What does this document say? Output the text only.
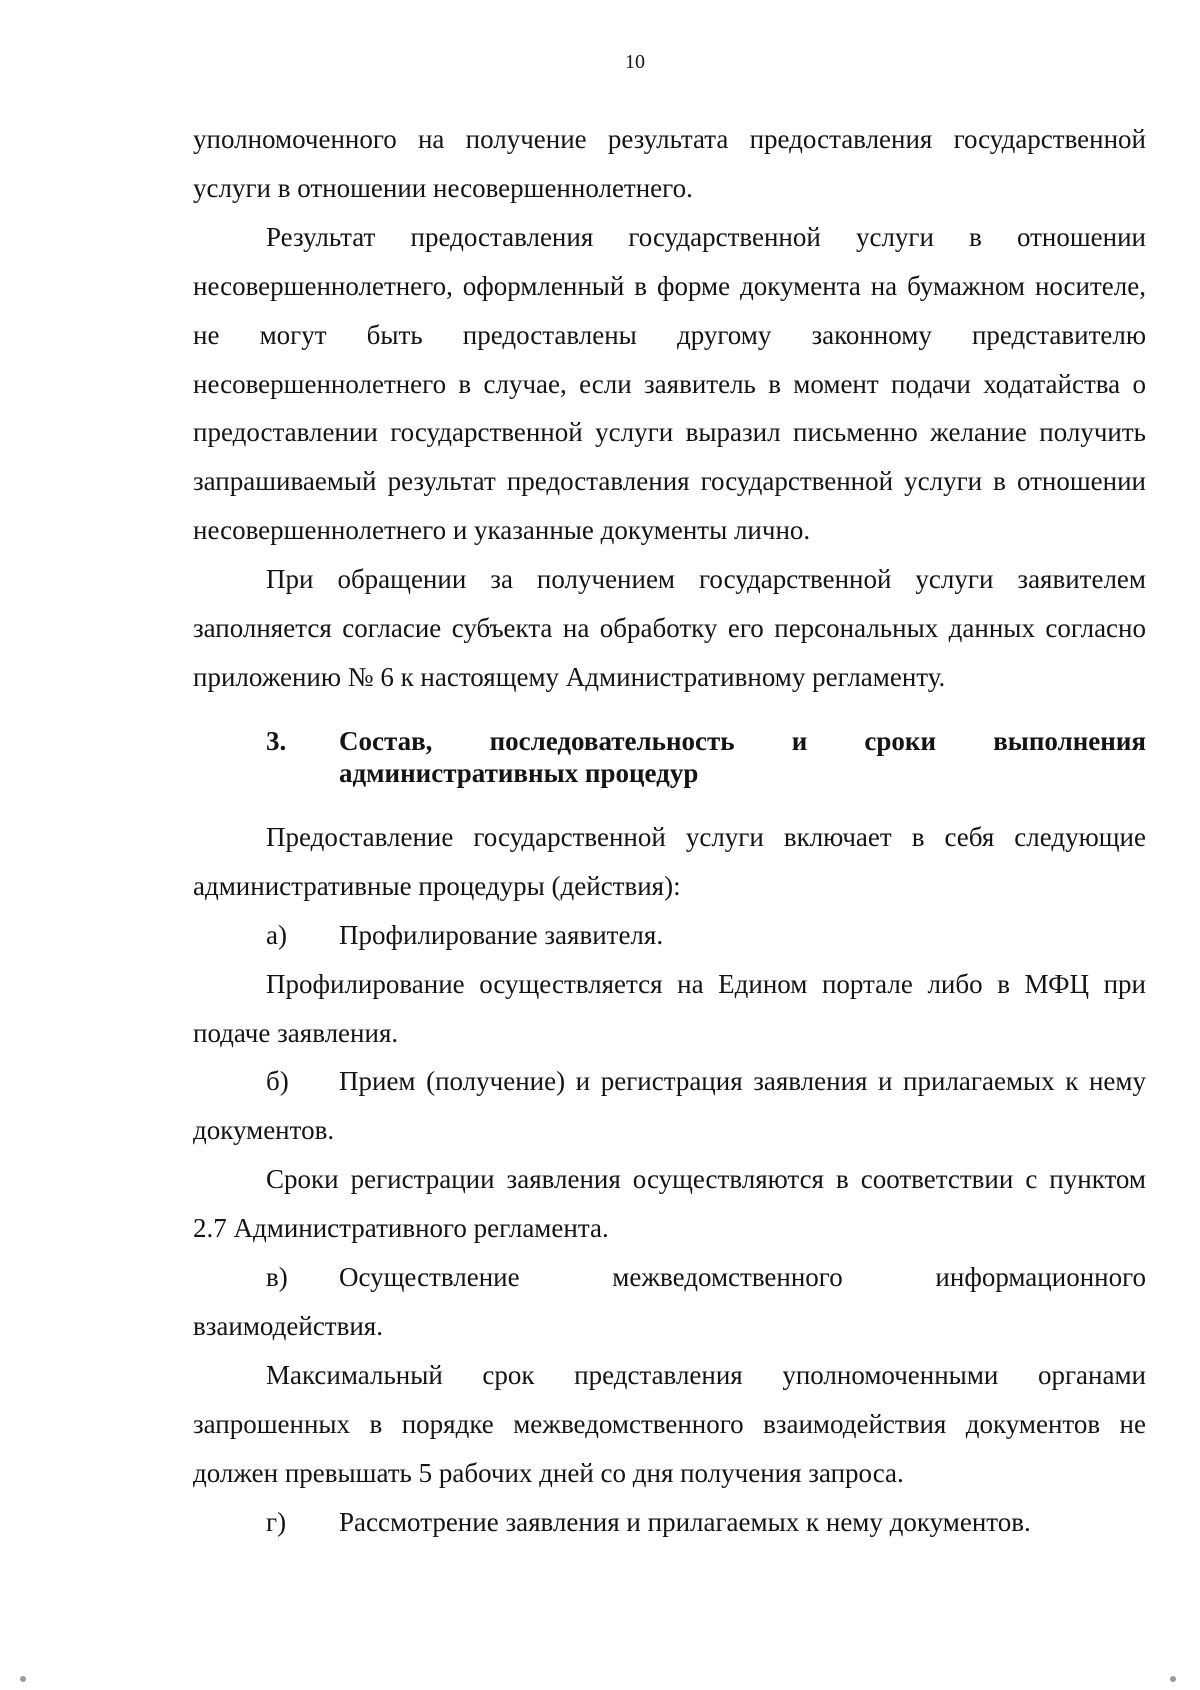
10

уполномоченного на получение результата предоставления государственной услуги в отношении несовершеннолетнего.

Результат предоставления государственной услуги в отношении несовершеннолетнего, оформленный в форме документа на бумажном носителе, не могут быть предоставлены другому законному представителю несовершеннолетнего в случае, если заявитель в момент подачи ходатайства о предоставлении государственной услуги выразил письменно желание получить запрашиваемый результат предоставления государственной услуги в отношении несовершеннолетнего и указанные документы лично.

При обращении за получением государственной услуги заявителем заполняется согласие субъекта на обработку его персональных данных согласно приложению № 6 к настоящему Административному регламенту.

3.	Состав, последовательность и сроки выполнения административных процедур

Предоставление государственной услуги включает в себя следующие административные процедуры (действия):

а)	Профилирование заявителя.

Профилирование осуществляется на Едином портале либо в МФЦ при подаче заявления.

б) Прием (получение) и регистрация заявления и прилагаемых к нему документов.

Сроки регистрации заявления осуществляются в соответствии с пунктом 2.7 Административного регламента.

в) Осуществление межведомственного информационного взаимодействия.

Максимальный срок представления уполномоченными органами запрошенных в порядке межведомственного взаимодействия документов не должен превышать 5 рабочих дней со дня получения запроса.

г)	Рассмотрение заявления и прилагаемых к нему документов.
